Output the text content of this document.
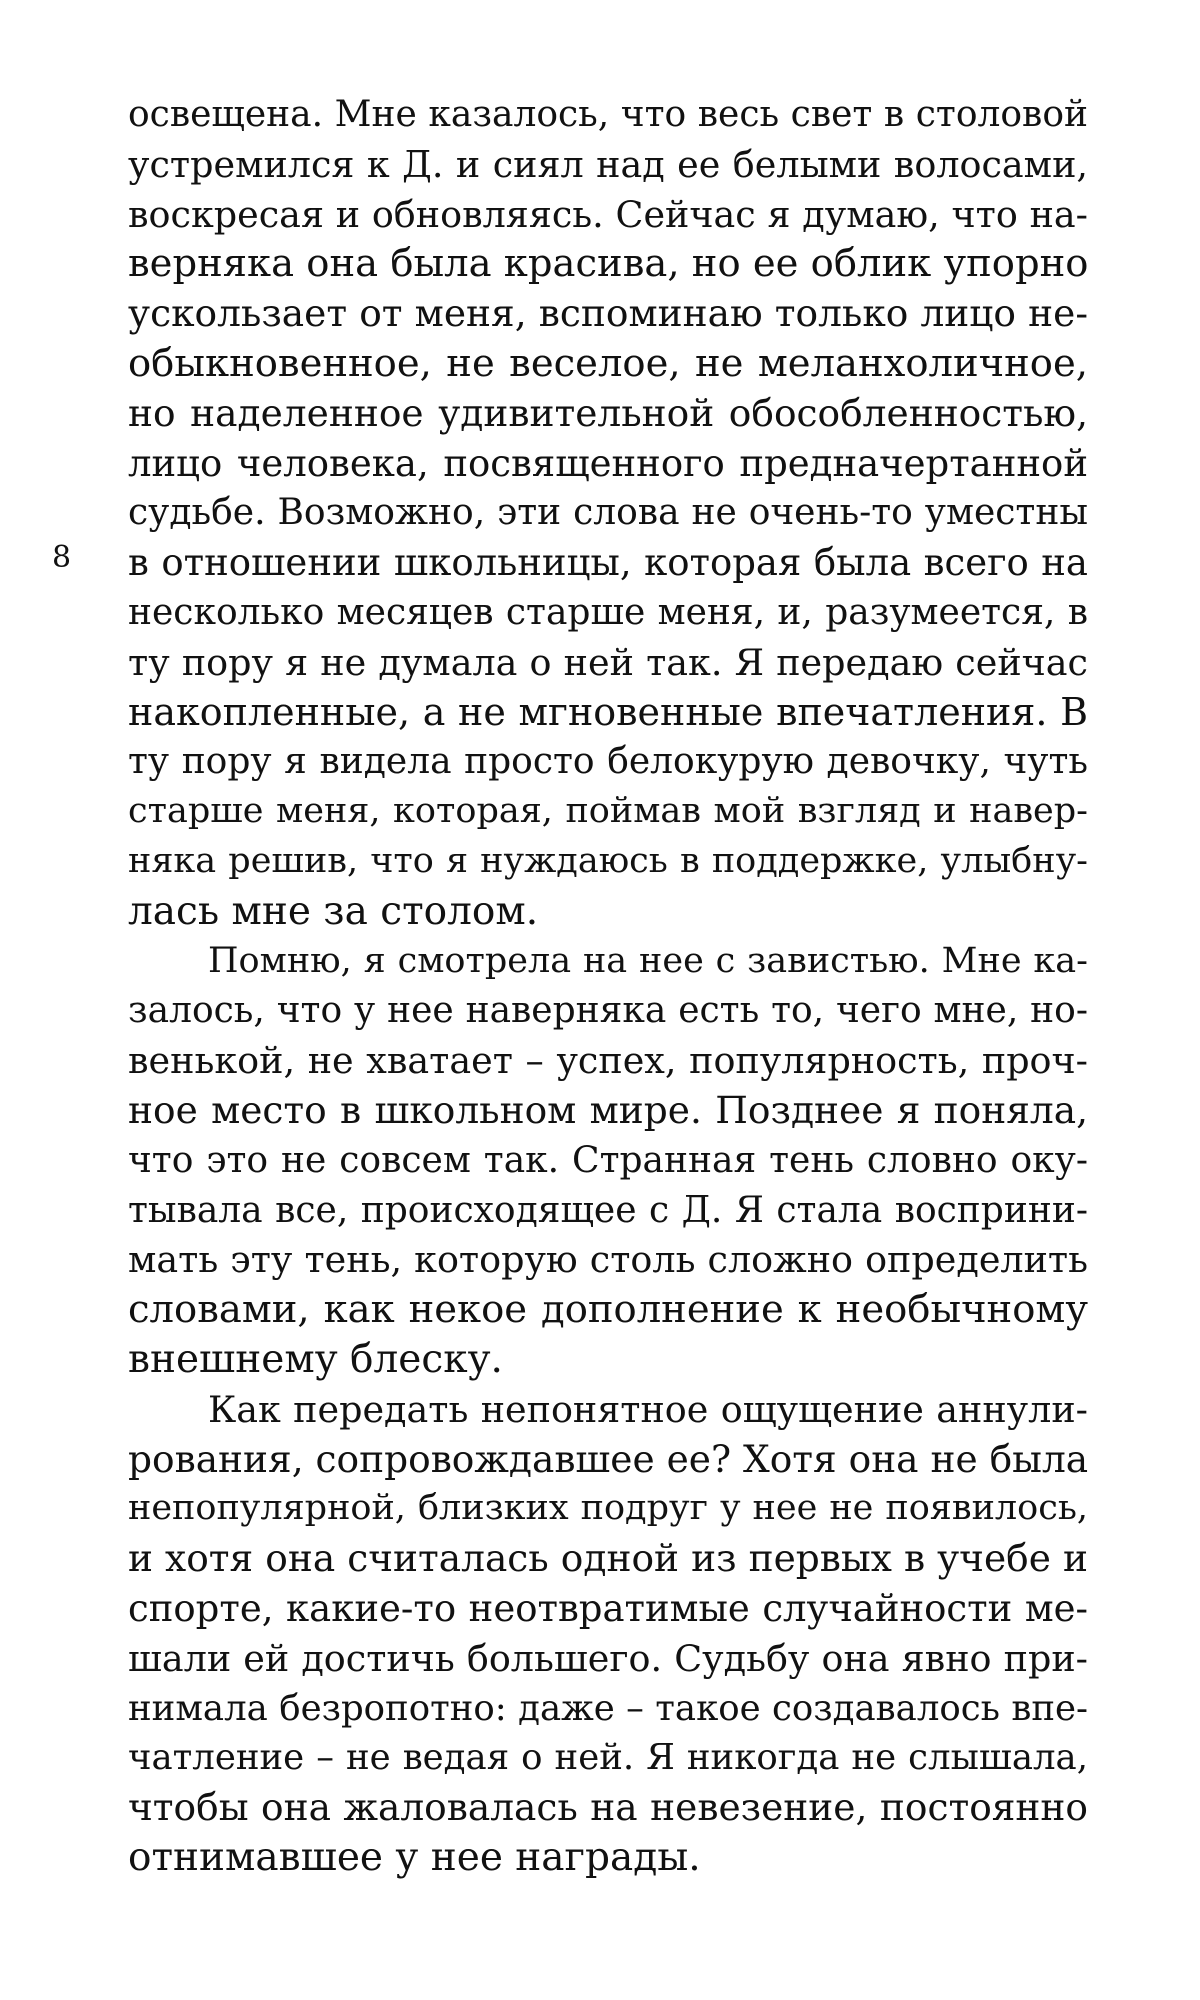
8
освещена. Мне казалось, что весь свет в столовой
устремился к Д. и сиял над ее белыми волосами,
воскресая и обновляясь. Сейчас я думаю, что на-
верняка она была красива, но ее облик упорно
ускользает от меня, вспоминаю только лицо не-
обыкновенное, не веселое, не меланхоличное,
но наделенное удивительной обособленностью,
лицо человека, посвященного предначертанной
судьбе. Возможно, эти слова не очень-то уместны
в отношении школьницы, которая была всего на
несколько месяцев старше меня, и, разумеется, в
ту пору я не думала о ней так. Я передаю сейчас
накопленные, а не мгновенные впечатления. В
ту пору я видела просто белокурую девочку, чуть
старше меня, которая, поймав мой взгляд и навер-
няка решив, что я нуждаюсь в поддержке, улыбну-
лась мне за столом.
Помню, я смотрела на нее с завистью. Мне ка-
залось, что у нее наверняка есть то, чего мне, но-
венькой, не хватает – успех, популярность, проч-
ное место в школьном мире. Позднее я поняла,
что это не совсем так. Странная тень словно оку-
тывала все, происходящее с Д. Я стала восприни-
мать эту тень, которую столь сложно определить
словами, как некое дополнение к необычному
внешнему блеску.
Как передать непонятное ощущение аннули-
рования, сопровождавшее ее? Хотя она не была
непопулярной, близких подруг у нее не появилось,
и хотя она считалась одной из первых в учебе и
спорте, какие-то неотвратимые случайности ме-
шали ей достичь большего. Судьбу она явно при-
нимала безропотно: даже – такое создавалось впе-
чатление – не ведая о ней. Я никогда не слышала,
чтобы она жаловалась на невезение, постоянно
отнимавшее у нее награды.
